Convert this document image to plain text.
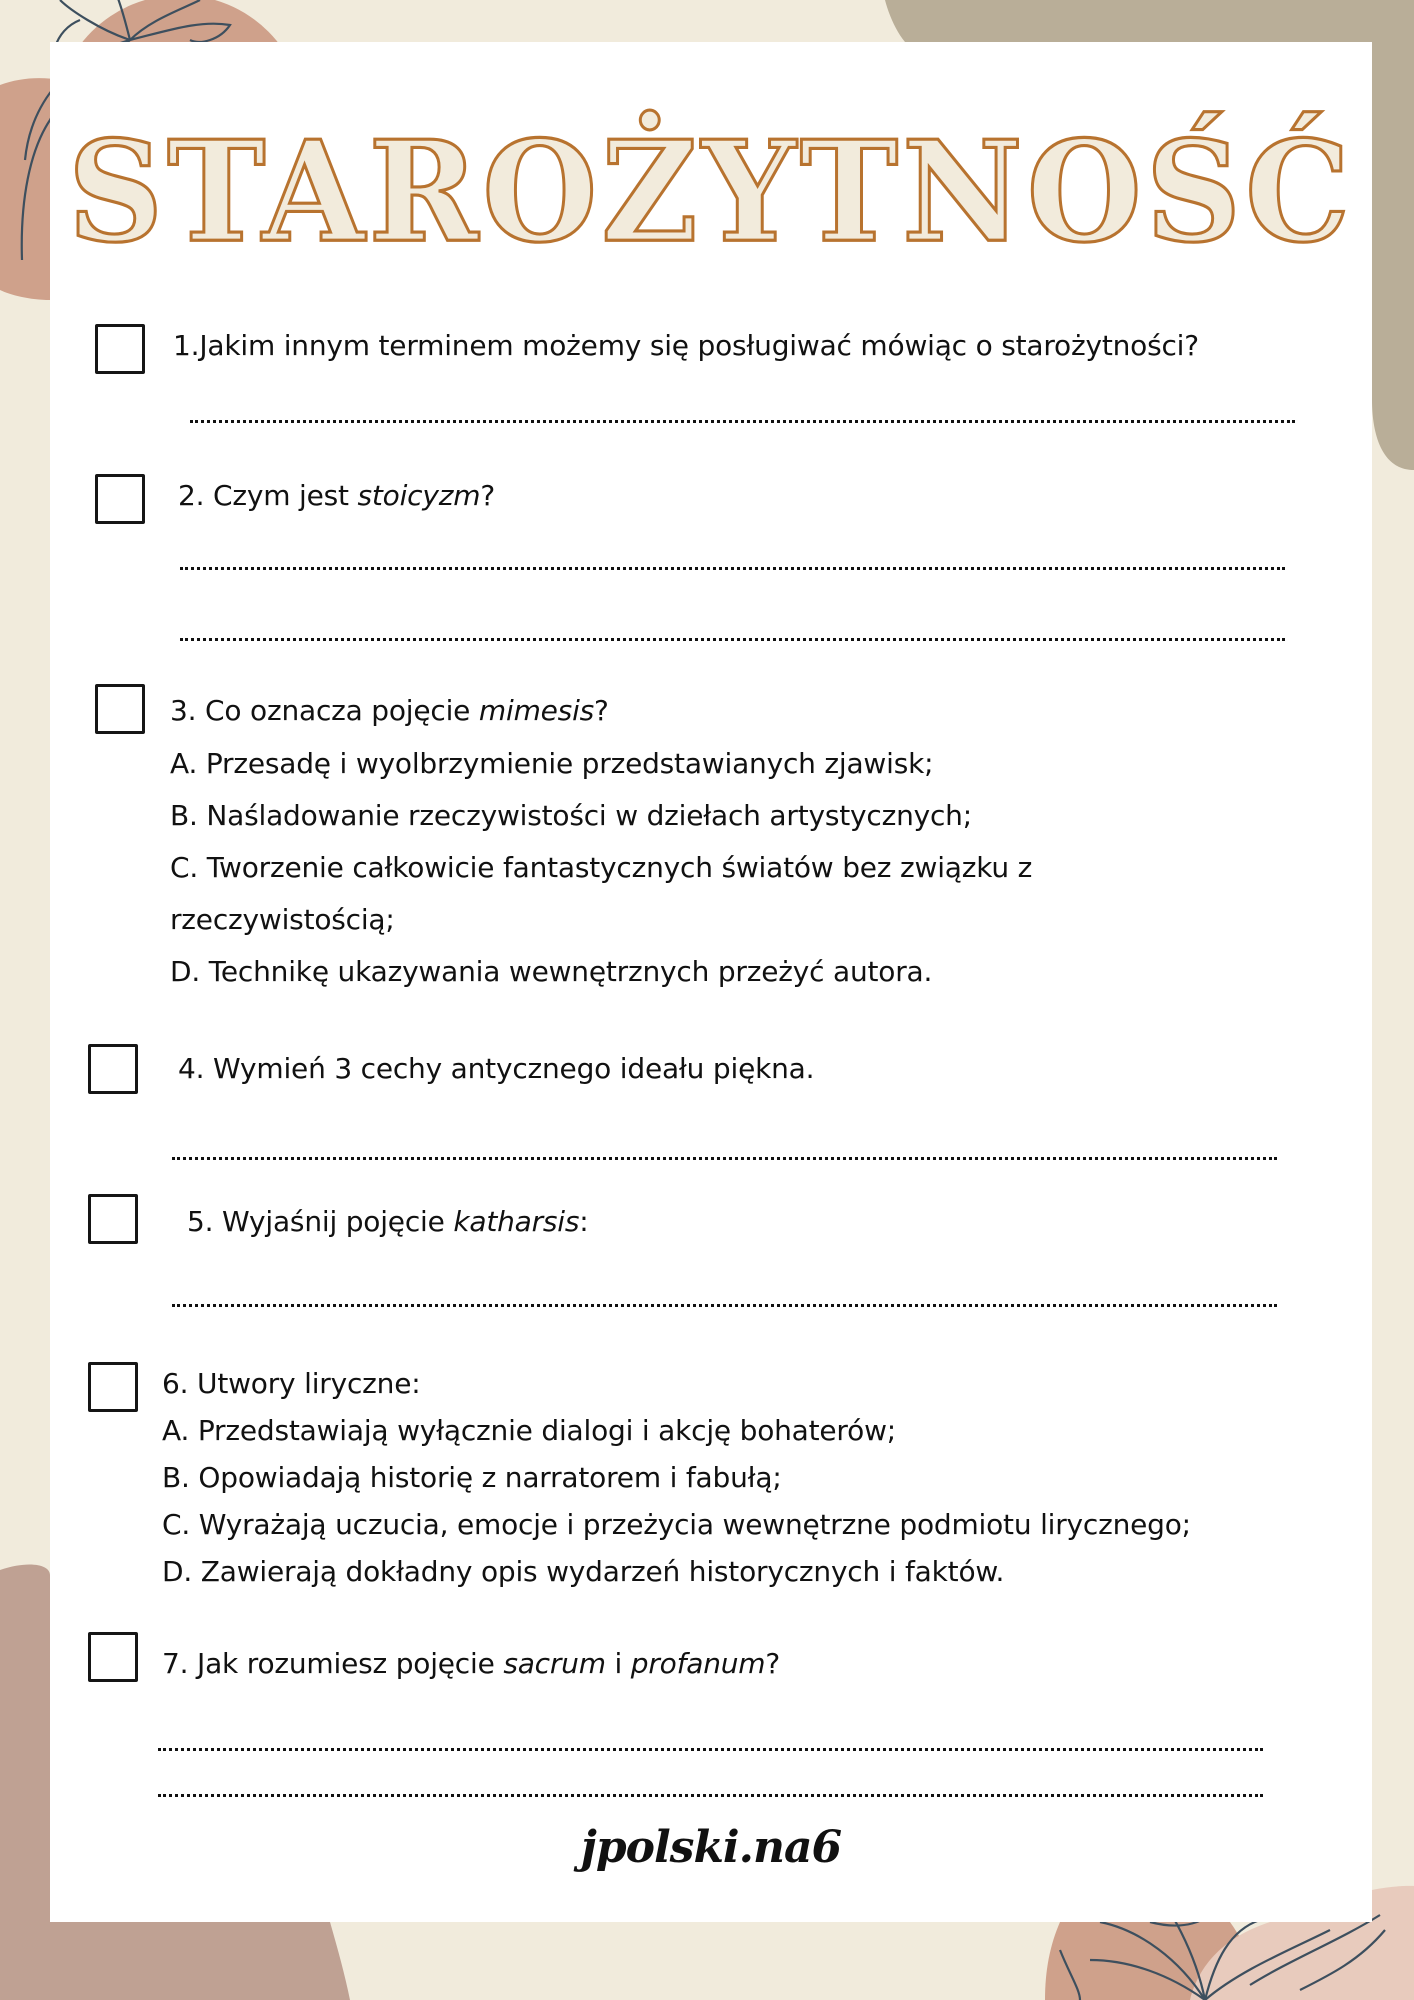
STAROŻYTNOŚĆ
1.Jakim innym terminem możemy się posługiwać mówiąc o starożytności?
2. Czym jest stoicyzm?
3. Co oznacza pojęcie mimesis?
A. Przesadę i wyolbrzymienie przedstawianych zjawisk;
B. Naśladowanie rzeczywistości w dziełach artystycznych;
C. Tworzenie całkowicie fantastycznych światów bez związku z
rzeczywistością;
D. Technikę ukazywania wewnętrznych przeżyć autora.
4. Wymień 3 cechy antycznego ideału piękna.
5. Wyjaśnij pojęcie katharsis:
6. Utwory liryczne:
A. Przedstawiają wyłącznie dialogi i akcję bohaterów;
B. Opowiadają historię z narratorem i fabułą;
C. Wyrażają uczucia, emocje i przeżycia wewnętrzne podmiotu lirycznego;
D. Zawierają dokładny opis wydarzeń historycznych i faktów.
7. Jak rozumiesz pojęcie sacrum i profanum?
jpolski.na6
